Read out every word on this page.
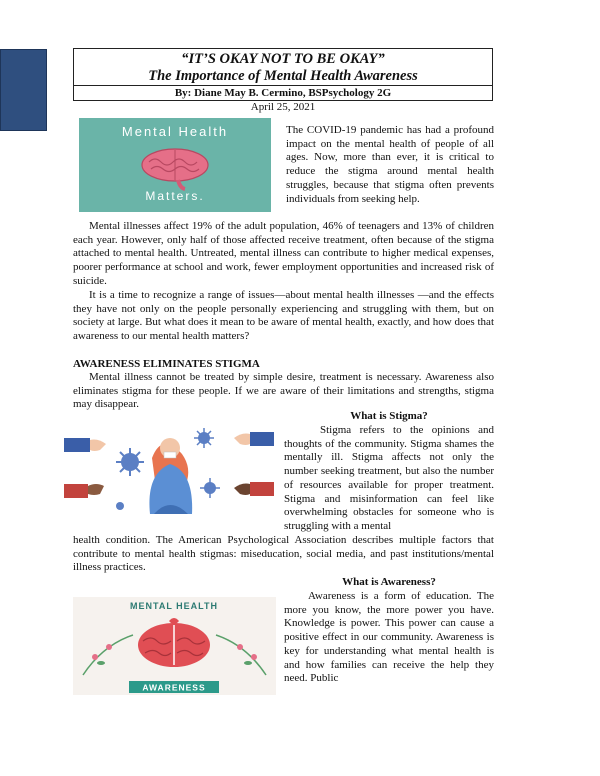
“IT’S OKAY NOT TO BE OKAY”
The Importance of Mental Health Awareness
By: Diane May B. Cermino, BSPsychology 2G
April 25, 2021
Mental Health
Matters.

The COVID-19 pandemic has had a profound impact on the mental health of people of all ages. Now, more than ever, it is critical to reduce the stigma around mental health struggles, because that stigma often prevents individuals from seeking help.

Mental illnesses affect 19% of the adult population, 46% of teenagers and 13% of children each year. However, only half of those affected receive treatment, often because of the stigma attached to mental health. Untreated, mental illness can contribute to higher medical expenses, poorer performance at school and work, fewer employment opportunities and increased risk of suicide.

It is a time to recognize a range of issues—about mental health illnesses —and the effects they have not only on the people personally experiencing and struggling with them, but on society at large. But what does it mean to be aware of mental health, exactly, and how does that awareness to our mental health matters?

AWARENESS ELIMINATES STIGMA

Mental illness cannot be treated by simple desire, treatment is necessary. Awareness also eliminates stigma for these people. If we are aware of their limitations and strengths, stigma may disappear.

What is Stigma?

Stigma refers to the opinions and thoughts of the community. Stigma shames the mentally ill. Stigma affects not only the number seeking treatment, but also the number of resources available for proper treatment. Stigma and misinformation can feel like overwhelming obstacles for someone who is struggling with a mental

health condition. The American Psychological Association describes multiple factors that contribute to mental health stigmas: miseducation, social media, and past institutions/mental illness practices.

What is Awareness?

MENTAL HEALTH
AWARENESS

Awareness is a form of education. The more you know, the more power you have. Knowledge is power. This power can cause a positive effect in our community. Awareness is key for understanding what mental health is and how families can receive the help they need. Public
